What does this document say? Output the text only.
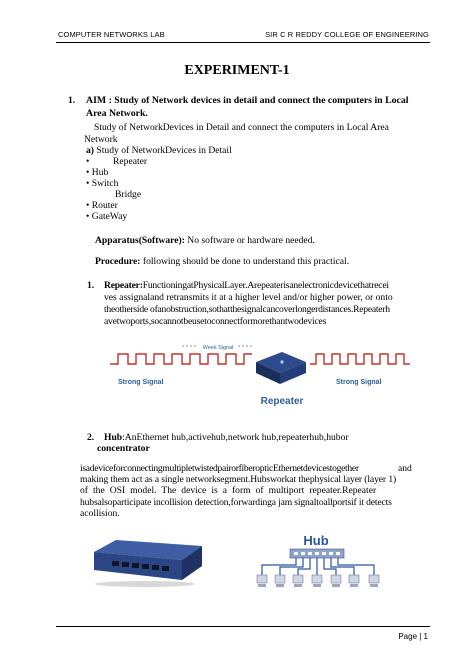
COMPUTER NETWORKS LAB	SIR C R REDDY COLLEGE OF ENGINEERING
EXPERIMENT-1
1. AIM : Study of Network devices in detail and connect the computers in Local
Area Network.
Study of NetworkDevices in Detail and connect the computers in Local Area
Network
a) Study of NetworkDevices in Detail
• Repeater
• Hub
• Switch
Bridge
• Router
• GateWay
Apparatus(Software): No software or hardware needed.
Procedure: following should be done to understand this practical.
1. Repeater:FunctioningatPhysicalLayer.Arepeaterisanelectronicdevicethatrecei
ves assignaland retransmits it at a higher level and/or higher power, or onto
theotherside ofanobstruction,sothatthesignalcancoverlongerdistances.Repeaterh
avetwoports,socannotbeusetoconnectformorethantwodevices
Week Signal
Strong Signal	Strong Signal
Repeater
2. Hub:AnEthernet hub,activehub,network hub,repeaterhub,hubor
concentrator
isadeviceforconnectingmultipletwistedpairorfiberopticEthernetdevicestogether	and
making them act as a single networksegment.Hubsworkat thephysical layer (layer 1)
of the OSI model. The device is a form of multiport repeater.Repeater
hubsalsoparticipate incollision detection,forwardinga jam signaltoallportsif it detects
acollision.
Hub
Page | 1
